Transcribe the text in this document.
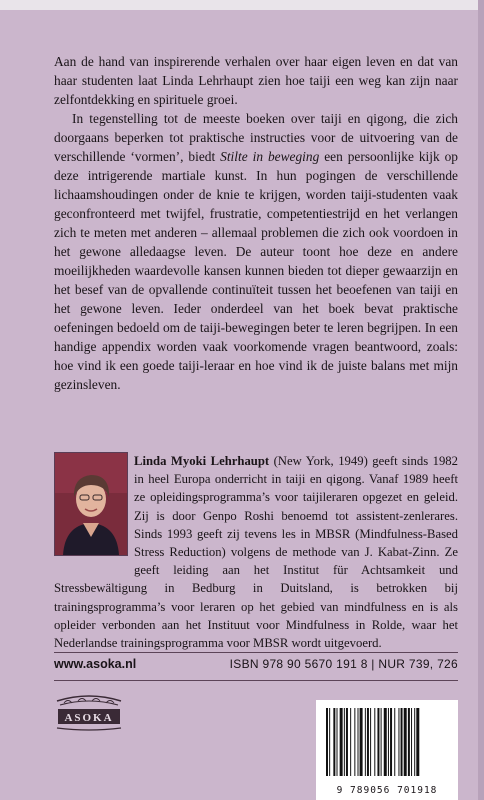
Aan de hand van inspirerende verhalen over haar eigen leven en dat van haar studenten laat Linda Lehrhaupt zien hoe taiji een weg kan zijn naar zelfontdekking en spirituele groei.

In tegenstelling tot de meeste boeken over taiji en qigong, die zich doorgaans beperken tot praktische instructies voor de uitvoering van de verschillende ‘vormen’, biedt Stilte in beweging een persoonlijke kijk op deze intrigerende martiale kunst. In hun pogingen de verschillende lichaamshoudingen onder de knie te krijgen, worden taiji-studenten vaak geconfronteerd met twijfel, frustratie, competentiestrijd en het verlangen zich te meten met anderen – allemaal problemen die zich ook voordoen in het gewone alledaagse leven. De auteur toont hoe deze en andere moeilijkheden waardevolle kansen kunnen bieden tot dieper gewaarzijn en het besef van de opvallende continuïteit tussen het beoefenen van taiji en het gewone leven. Ieder onderdeel van het boek bevat praktische oefeningen bedoeld om de taiji-bewegingen beter te leren begrijpen. In een handige appendix worden vaak voorkomende vragen beantwoord, zoals: hoe vind ik een goede taiji-leraar en hoe vind ik de juiste balans met mijn gezinsleven.

Linda Myoki Lehrhaupt (New York, 1949) geeft sinds 1982 in heel Europa onderricht in taiji en qigong. Vanaf 1989 heeft ze opleidingsprogramma’s voor taijileraren opgezet en geleid. Zij is door Genpo Roshi benoemd tot assistent-zenlerares. Sinds 1993 geeft zij tevens les in MBSR (Mindfulness-Based Stress Reduction) volgens de methode van J. Kabat-Zinn. Ze geeft leiding aan het Institut für Achtsamkeit und Stressbewältigung in Bedburg in Duitsland, is betrokken bij trainingsprogramma’s voor leraren op het gebied van mindfulness en is als opleider verbonden aan het Instituut voor Mindfulness in Rolde, waar het Nederlandse trainingsprogramma voor MBSR wordt uitgevoerd.
www.asoka.nl	ISBN 978 90 5670 191 8 | NUR 739, 726
ASOKA
9 789056 701918
